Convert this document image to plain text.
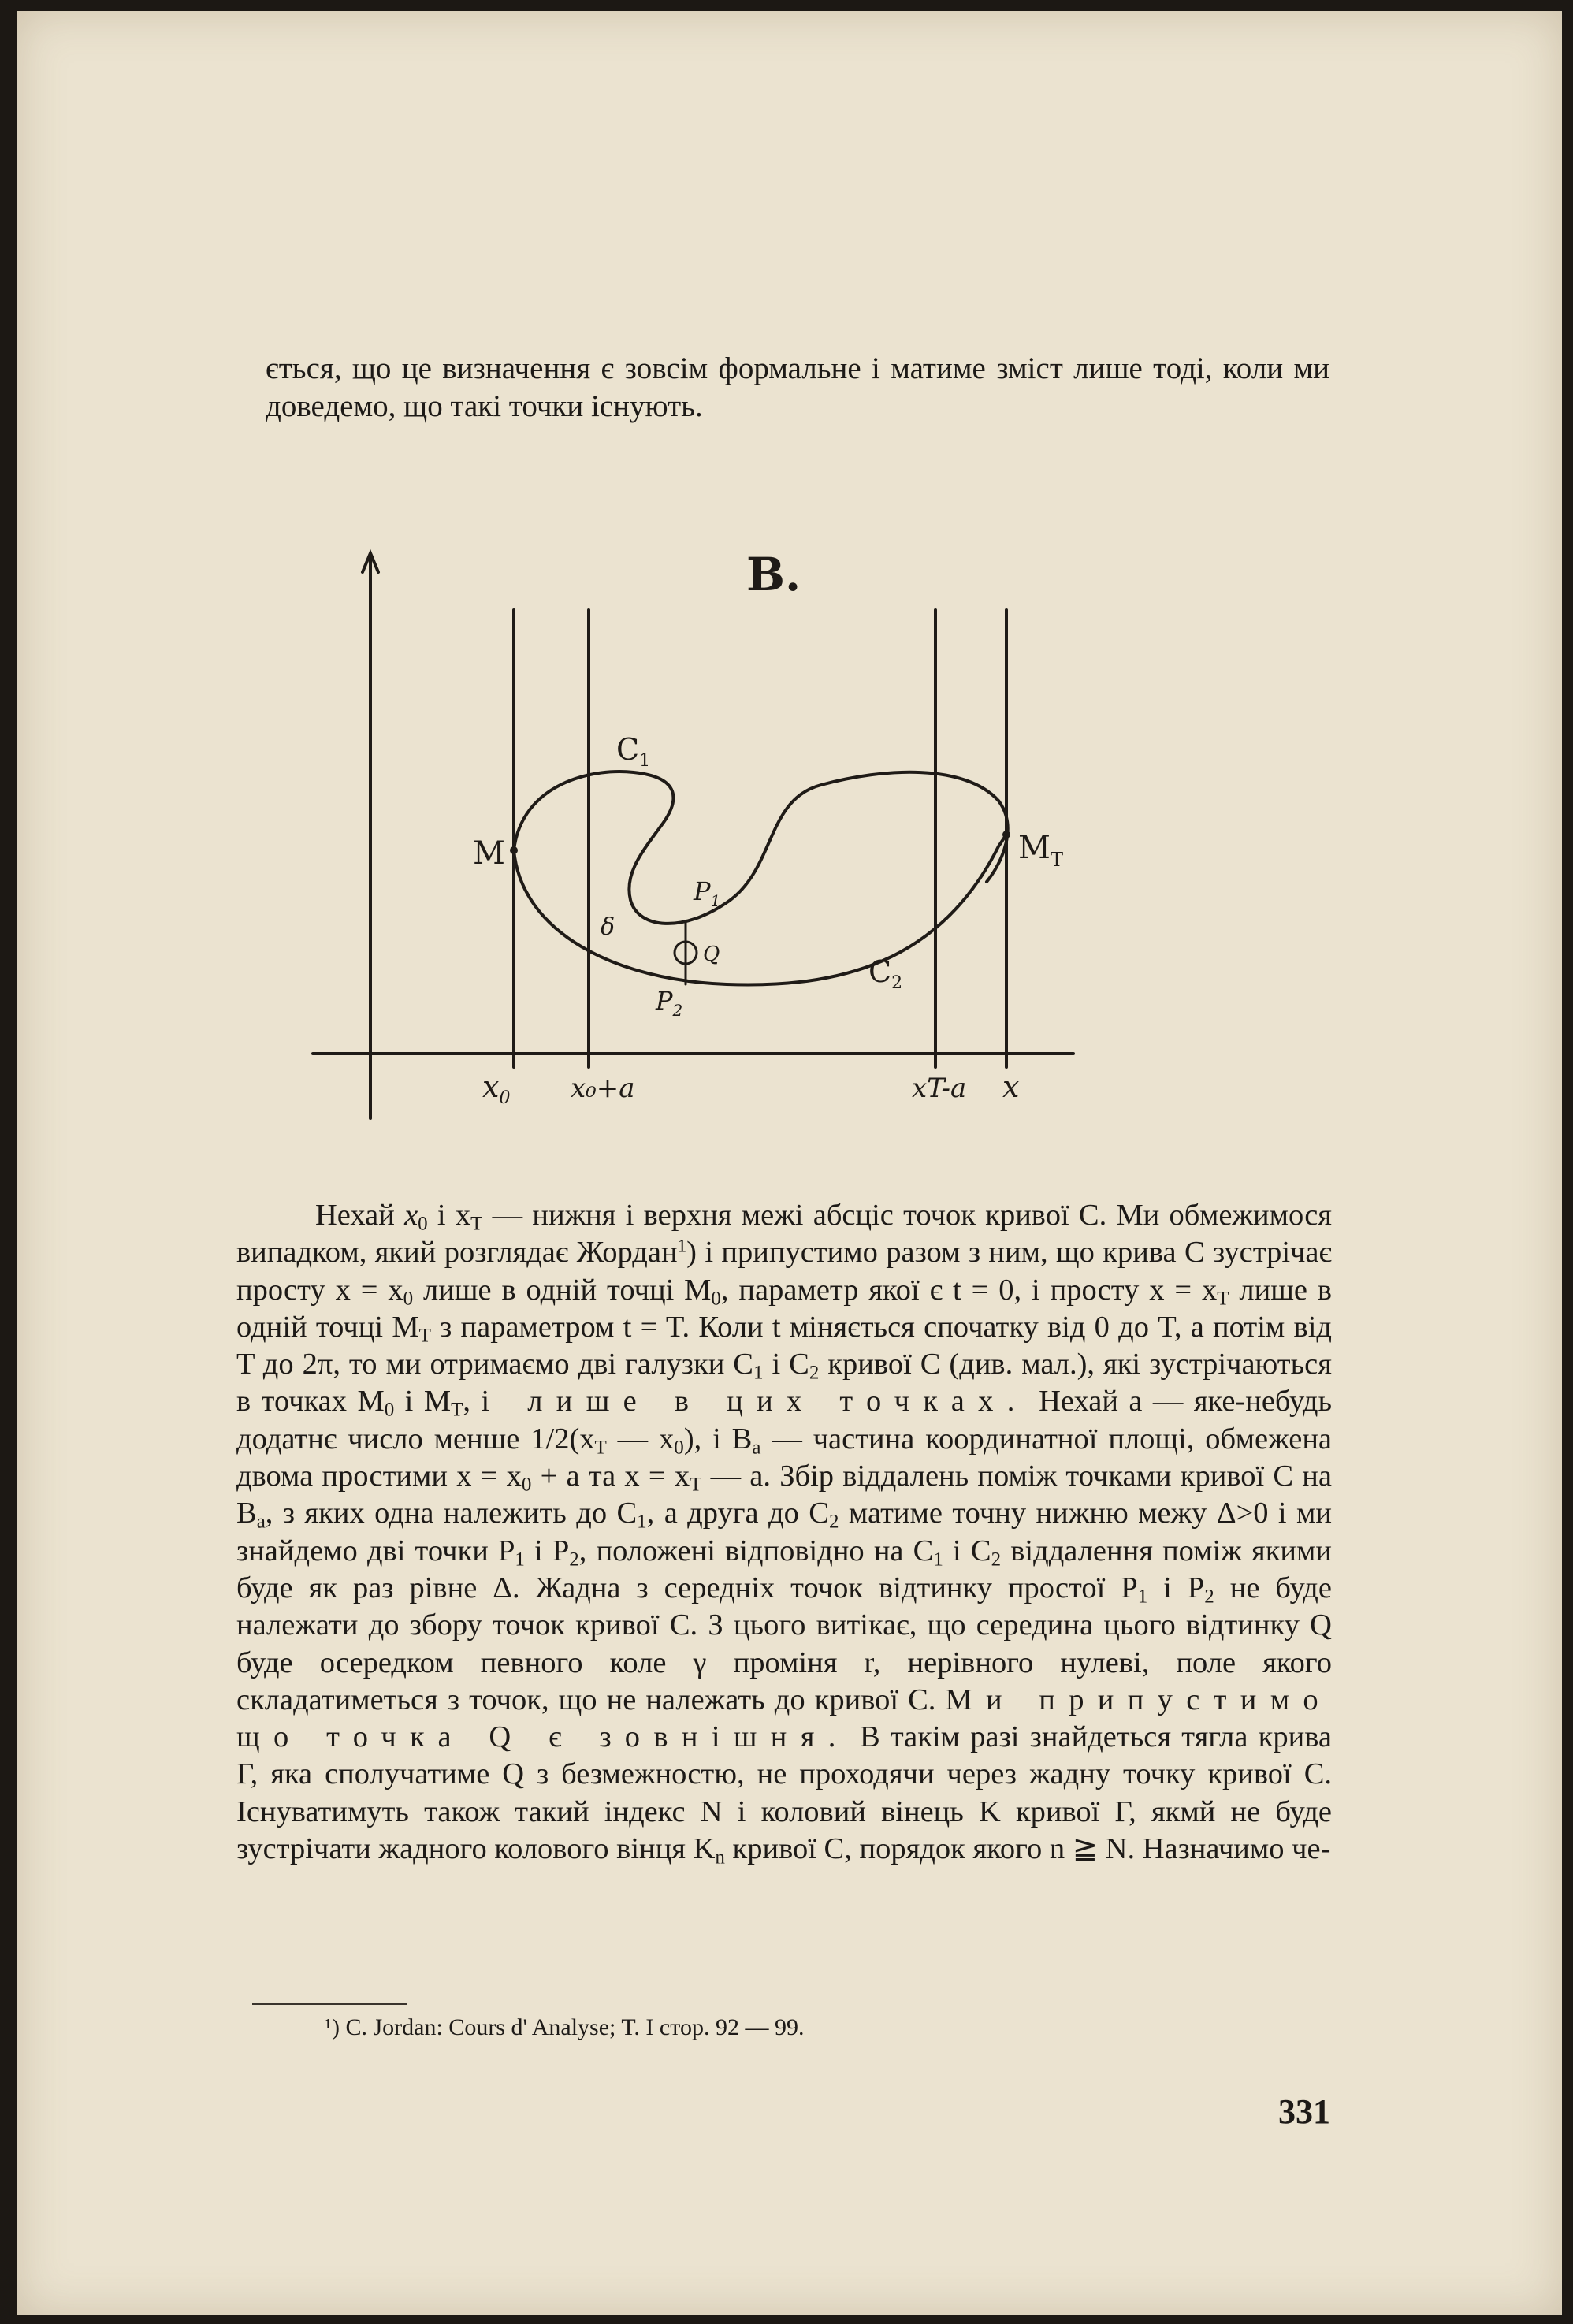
ється, що це визначення є зовсім формальне і матиме зміст лише тоді, коли ми доведемо, що такі точки існують.

B.
M	$M_T$
$C_1$
$C_2$
$P_1$
$P_2$
δ
Q
$x_0$ x₀+a	xT-a x

Нехай $x_0$ і $x_T$ — нижня і верхня межі абсціс точок кривої C. Ми обмежимося випадком, який розглядає Жордан$^1$) і припустимо разом з ним, що крива C зустрічає просту $x = x_0$ лише в одній точці $M_0$, параметр якої є t = 0, і просту $x = x_T$ лише в одній точці $M_T$ з параметром t = T. Коли t міняється спочатку від 0 до T, а потім від T до 2π, то ми отримаємо дві галузки $C_1$ і $C_2$ кривої C (див. мал.), які зустрічаються в точках $M_0$ і $M_T$, і лише в цих точках. Нехай a — яке-небудь додатнє число менше $1/2(x_T$ — $x_0$), і $B_a$ — частина координатної площі, обмежена двома простими $x = x_0 + a$ та $x = x_T$ — a. Збір віддалень поміж точками кривої C на $B_a$, з яких одна належить до $C_1$, а друга до $C_2$ матиме точну нижню межу Δ>0 і ми знайдемо дві точки $P_1$ і $P_2$, положені відповідно на $C_1$ і $C_2$ віддалення поміж якими буде як раз рівне Δ. Жадна з середніх точок відтинку простої $P_1$ і $P_2$ не буде належати до збору точок кривої C. З цього витікає, що середина цього відтинку Q буде осередком певного коле γ проміня r, нерівного нулеві, поле якого складатиметься з точок, що не належать до кривої C. Ми припустимо що точка Q є зовнішня. В такім разі знайдеться тягла крива Γ, яка сполучатиме Q з безмежностю, не проходячи через жадну точку кривої C. Існуватимуть також такий індекс N і коловий вінець K кривої Γ, якмй не буде зустрічати жадного колового вінця $K_n$ кривої C, порядок якого n ≧ N. Назначимо че-

¹) C. Jordan: Cours d' Analyse; T. I стор. 92 — 99.
331
